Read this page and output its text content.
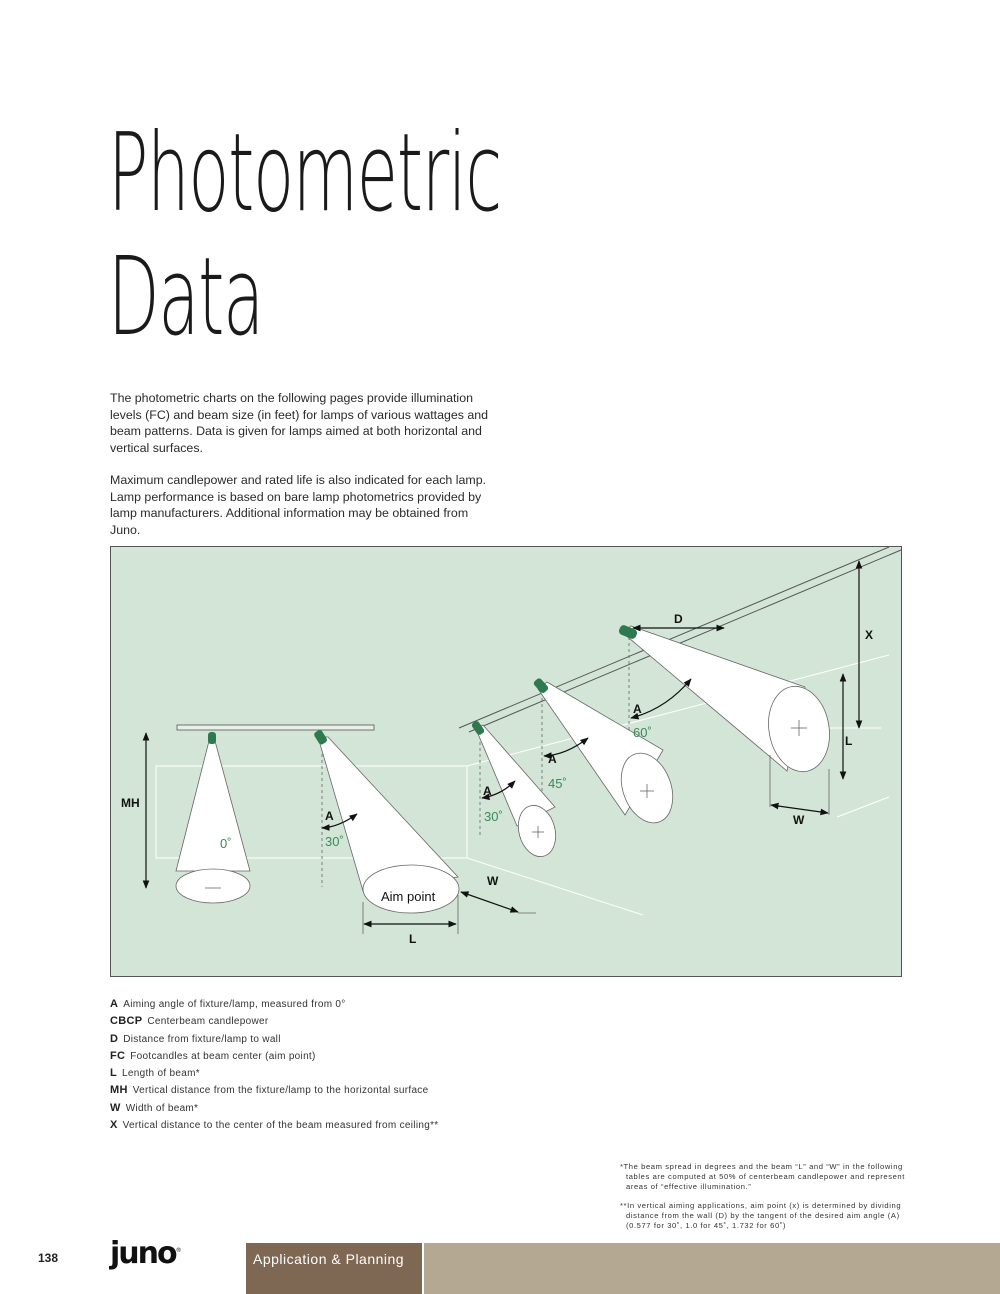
Photometric
Data

The photometric charts on the following pages provide illumination levels (FC) and beam size (in feet) for lamps of various wattages and beam patterns. Data is given for lamps aimed at both horizontal and vertical surfaces.

Maximum candlepower and rated life is also indicated for each lamp. Lamp performance is based on bare lamp photometrics provided by lamp manufacturers. Additional information may be obtained from Juno.

MH
A
A
A
A
L
W
D
X
L
W
Aim point
0˚	30˚
30˚
45˚
60˚
A Aiming angle of fixture/lamp, measured from 0°
CBCP Centerbeam candlepower
D Distance from fixture/lamp to wall
FC Footcandles at beam center (aim point)
L Length of beam*
MH Vertical distance from the fixture/lamp to the horizontal surface
W Width of beam*
X Vertical distance to the center of the beam measured from ceiling**
*The beam spread in degrees and the beam “L” and “W” in the following tables are computed at 50% of centerbeam candlepower and represent areas of “effective illumination.”
**In vertical aiming applications, aim point (x) is determined by dividing distance from the wall (D) by the tangent of the desired aim angle (A) (0.577 for 30˚, 1.0 for 45˚, 1.732 for 60˚)
138 juno®
Application & Planning
